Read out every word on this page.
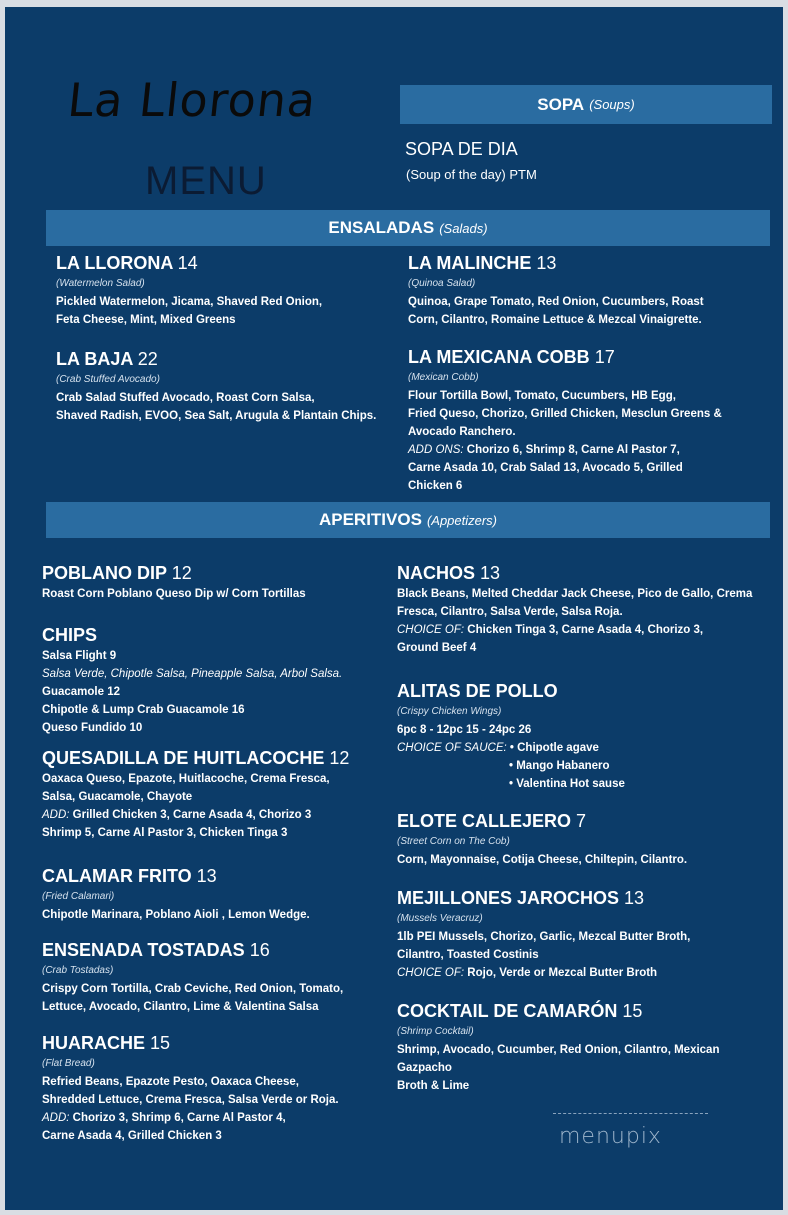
La Llorona
MENU
SOPA (Soups)
SOPA DE DIA
(Soup of the day) PTM
ENSALADAS (Salads)
LA LLORONA 14
(Watermelon Salad)
Pickled Watermelon, Jicama, Shaved Red Onion,
Feta Cheese, Mint, Mixed Greens
LA BAJA 22
(Crab Stuffed Avocado)
Crab Salad Stuffed Avocado, Roast Corn Salsa,
Shaved Radish, EVOO, Sea Salt, Arugula & Plantain Chips.
LA MALINCHE 13
(Quinoa Salad)
Quinoa, Grape Tomato, Red Onion, Cucumbers, Roast
Corn, Cilantro, Romaine Lettuce & Mezcal Vinaigrette.
LA MEXICANA COBB 17
(Mexican Cobb)
Flour Tortilla Bowl, Tomato, Cucumbers, HB Egg,
Fried Queso, Chorizo, Grilled Chicken, Mesclun Greens &
Avocado Ranchero.
ADD ONS: Chorizo 6, Shrimp 8, Carne Al Pastor 7,
Carne Asada 10, Crab Salad 13, Avocado 5, Grilled
Chicken 6
APERITIVOS (Appetizers)
POBLANO DIP 12
Roast Corn Poblano Queso Dip w/ Corn Tortillas
CHIPS
Salsa Flight 9
Salsa Verde, Chipotle Salsa, Pineapple Salsa, Arbol Salsa.
Guacamole 12
Chipotle & Lump Crab Guacamole 16
Queso Fundido 10
QUESADILLA DE HUITLACOCHE 12
Oaxaca Queso, Epazote, Huitlacoche, Crema Fresca,
Salsa, Guacamole, Chayote
ADD: Grilled Chicken 3, Carne Asada 4, Chorizo 3
Shrimp 5, Carne Al Pastor 3, Chicken Tinga 3
CALAMAR FRITO 13
(Fried Calamari)
Chipotle Marinara, Poblano Aioli , Lemon Wedge.
ENSENADA TOSTADAS 16
(Crab Tostadas)
Crispy Corn Tortilla, Crab Ceviche, Red Onion, Tomato,
Lettuce, Avocado, Cilantro, Lime & Valentina Salsa
HUARACHE 15
(Flat Bread)
Refried Beans, Epazote Pesto, Oaxaca Cheese,
Shredded Lettuce, Crema Fresca, Salsa Verde or Roja.
ADD: Chorizo 3, Shrimp 6, Carne Al Pastor 4,
Carne Asada 4, Grilled Chicken 3
NACHOS 13
Black Beans, Melted Cheddar Jack Cheese, Pico de Gallo, Crema
Fresca, Cilantro, Salsa Verde, Salsa Roja.
CHOICE OF: Chicken Tinga 3, Carne Asada 4, Chorizo 3,
Ground Beef 4
ALITAS DE POLLO
(Crispy Chicken Wings)
6pc 8 - 12pc 15 - 24pc 26
CHOICE OF SAUCE: • Chipotle agave
• Mango Habanero
• Valentina Hot sause
ELOTE CALLEJERO 7
(Street Corn on The Cob)
Corn, Mayonnaise, Cotija Cheese, Chiltepin, Cilantro.
MEJILLONES JAROCHOS 13
(Mussels Veracruz)
1lb PEI Mussels, Chorizo, Garlic, Mezcal Butter Broth,
Cilantro, Toasted Costinis
CHOICE OF: Rojo, Verde or Mezcal Butter Broth
COCKTAIL DE CAMARÓN 15
(Shrimp Cocktail)
Shrimp, Avocado, Cucumber, Red Onion, Cilantro, Mexican
Gazpacho
Broth & Lime
menupix
